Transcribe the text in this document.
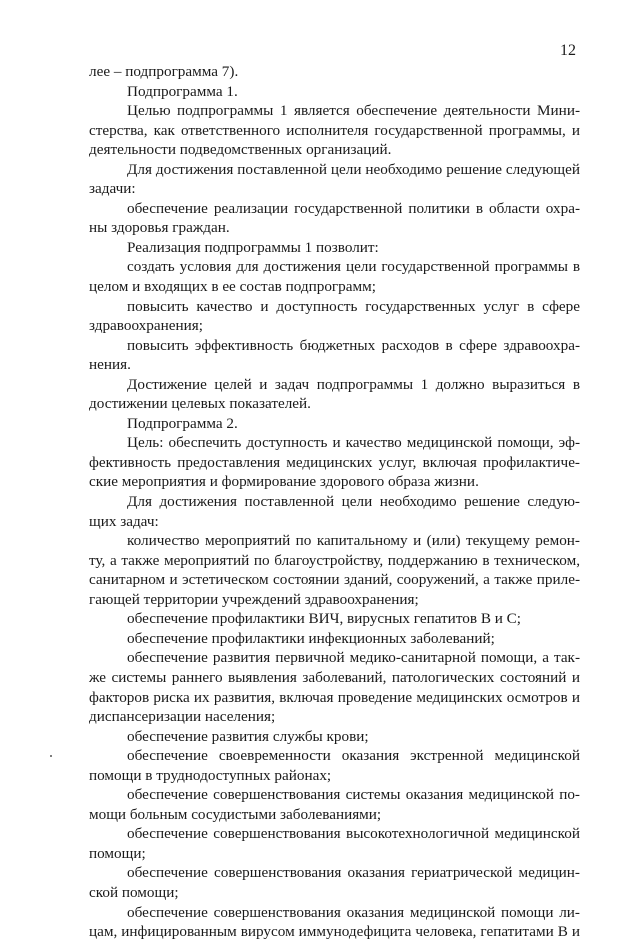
12
лее – подпрограмма 7).
Подпрограмма 1.
Целью подпрограммы 1 является обеспечение деятельности Мини-
стерства, как ответственного исполнителя государственной программы, и
деятельности подведомственных организаций.
Для достижения поставленной цели необходимо решение следующей
задачи:
обеспечение реализации государственной политики в области охра-
ны здоровья граждан.
Реализация подпрограммы 1 позволит:
создать условия для достижения цели государственной программы в
целом и входящих в ее состав подпрограмм;
повысить качество и доступность государственных услуг в сфере
здравоохранения;
повысить эффективность бюджетных расходов в сфере здравоохра-
нения.
Достижение целей и задач подпрограммы 1 должно выразиться в
достижении целевых показателей.
Подпрограмма 2.
Цель: обеспечить доступность и качество медицинской помощи, эф-
фективность предоставления медицинских услуг, включая профилактиче-
ские мероприятия и формирование здорового образа жизни.
Для достижения поставленной цели необходимо решение следую-
щих задач:
количество мероприятий по капитальному и (или) текущему ремон-
ту, а также мероприятий по благоустройству, поддержанию в техническом,
санитарном и эстетическом состоянии зданий, сооружений, а также приле-
гающей территории учреждений здравоохранения;
обеспечение профилактики ВИЧ, вирусных гепатитов В и С;
обеспечение профилактики инфекционных заболеваний;
обеспечение развития первичной медико-санитарной помощи, а так-
же системы раннего выявления заболеваний, патологических состояний и
факторов риска их развития, включая проведение медицинских осмотров и
диспансеризации населения;
обеспечение развития службы крови;
обеспечение своевременности оказания экстренной медицинской
помощи в труднодоступных районах;
обеспечение совершенствования системы оказания медицинской по-
мощи больным сосудистыми заболеваниями;
обеспечение совершенствования высокотехнологичной медицинской
помощи;
обеспечение совершенствования оказания гериатрической медицин-
ской помощи;
обеспечение совершенствования оказания медицинской помощи ли-
цам, инфицированным вирусом иммунодефицита человека, гепатитами В и
